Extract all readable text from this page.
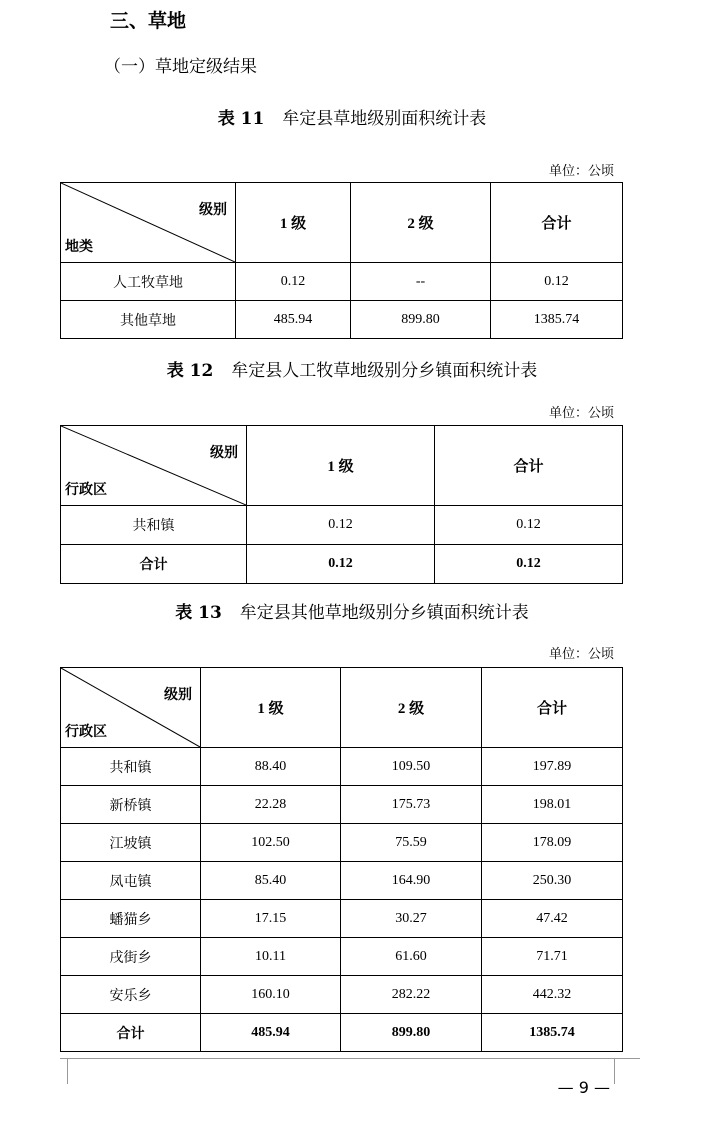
三、草地
（一）草地定级结果
表 11 牟定县草地级别面积统计表
单位：公顷
级别
地类	1 级	2 级	合计
人工牧草地	0.12	--	0.12
其他草地	485.94	899.80	1385.74
表 12 牟定县人工牧草地级别分乡镇面积统计表
单位：公顷
级别
行政区	1 级	合计
共和镇	0.12	0.12
合计	0.12	0.12
表 13 牟定县其他草地级别分乡镇面积统计表
单位：公顷
级别
行政区	1 级	2 级	合计
共和镇	88.40	109.50	197.89
新桥镇	22.28	175.73	198.01
江坡镇	102.50	75.59	178.09
凤屯镇	85.40	164.90	250.30
蟠猫乡	17.15	30.27	47.42
戌街乡	10.11	61.60	71.71
安乐乡	160.10	282.22	442.32
合计	485.94	899.80	1385.74
— 9 —
